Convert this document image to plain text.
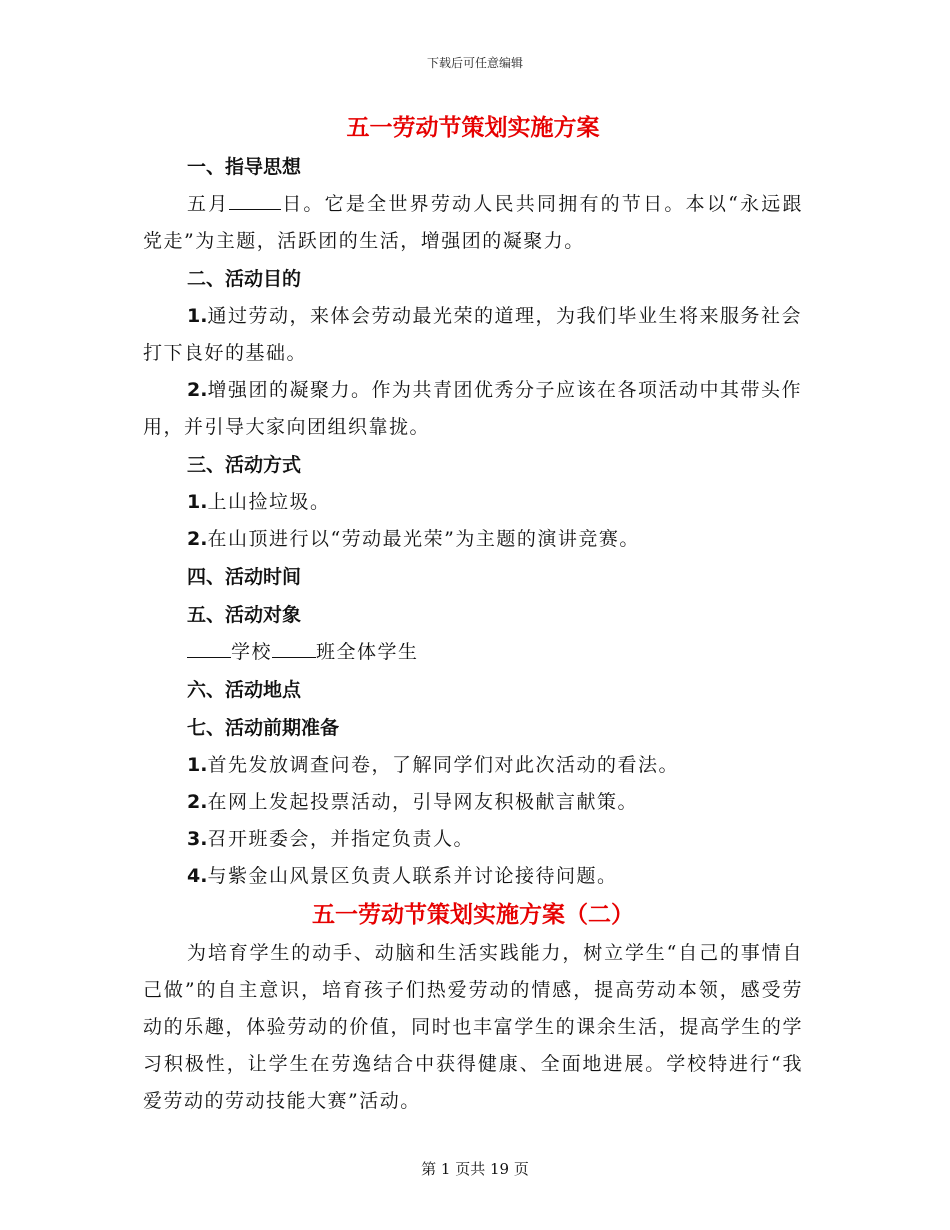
下载后可任意编辑
五一劳动节策划实施方案
一、指导思想

五月	日。它是全世界劳动人民共同拥有的节日。本以“永远跟党走”为主题，活跃团的生活，增强团的凝聚力。

二、活动目的

1.通过劳动，来体会劳动最光荣的道理，为我们毕业生将来服务社会打下良好的基础。

2.增强团的凝聚力。作为共青团优秀分子应该在各项活动中其带头作用，并引导大家向团组织靠拢。

三、活动方式

1.上山捡垃圾。

2.在山顶进行以“劳动最光荣”为主题的演讲竞赛。

四、活动时间
五、活动对象

学校 班全体学生

六、活动地点
七、活动前期准备

1.首先发放调查问卷，了解同学们对此次活动的看法。

2.在网上发起投票活动，引导网友积极献言献策。

3.召开班委会，并指定负责人。

4.与紫金山风景区负责人联系并讨论接待问题。

五一劳动节策划实施方案（二）

为培育学生的动手、动脑和生活实践能力，树立学生“自己的事情自己做”的自主意识，培育孩子们热爱劳动的情感，提高劳动本领，感受劳动的乐趣，体验劳动的价值，同时也丰富学生的课余生活，提高学生的学习积极性，让学生在劳逸结合中获得健康、全面地进展。学校特进行“我爱劳动的劳动技能大赛”活动。

第 1 页共 19 页
